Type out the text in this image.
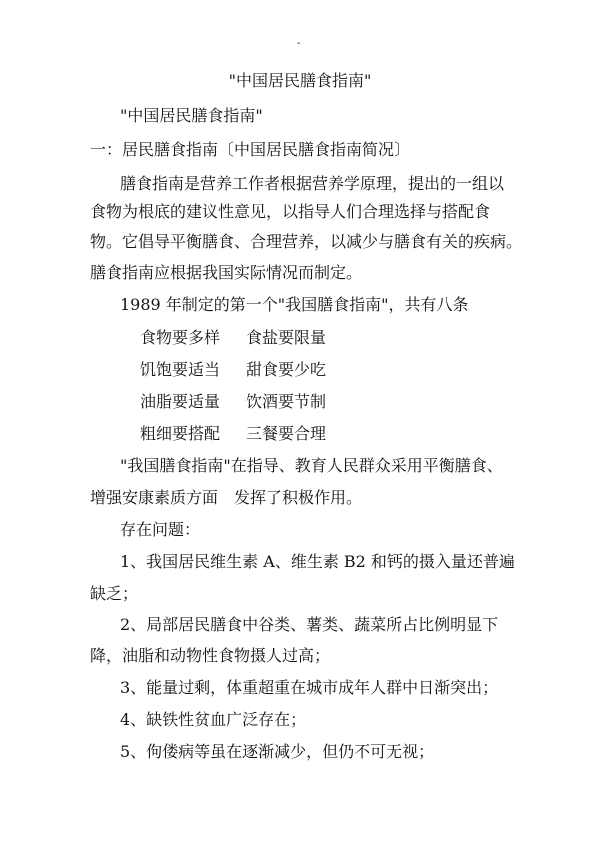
-
"中国居民膳食指南"
"中国居民膳食指南"
一：居民膳食指南〔中国居民膳食指南简况〕
膳食指南是营养工作者根据营养学原理，提出的一组以
食物为根底的建议性意见，以指导人们合理选择与搭配食
物。它倡导平衡膳食、合理营养，以减少与膳食有关的疾病。
膳食指南应根据我国实际情况而制定。
1989 年制定的第一个"我国膳食指南"，共有八条
食物要多样 食盐要限量
饥饱要适当 甜食要少吃
油脂要适量 饮酒要节制
粗细要搭配 三餐要合理
"我国膳食指南"在指导、教育人民群众采用平衡膳食、
增强安康素质方面　发挥了积极作用。
存在问题：
1、我国居民维生素 A、维生素 B2 和钙的摄入量还普遍
缺乏；
2、局部居民膳食中谷类、薯类、蔬菜所占比例明显下
降，油脂和动物性食物摄人过高；
3、能量过剩，体重超重在城市成年人群中日渐突出；
4、缺铁性贫血广泛存在；
5、佝偻病等虽在逐渐减少，但仍不可无视；
